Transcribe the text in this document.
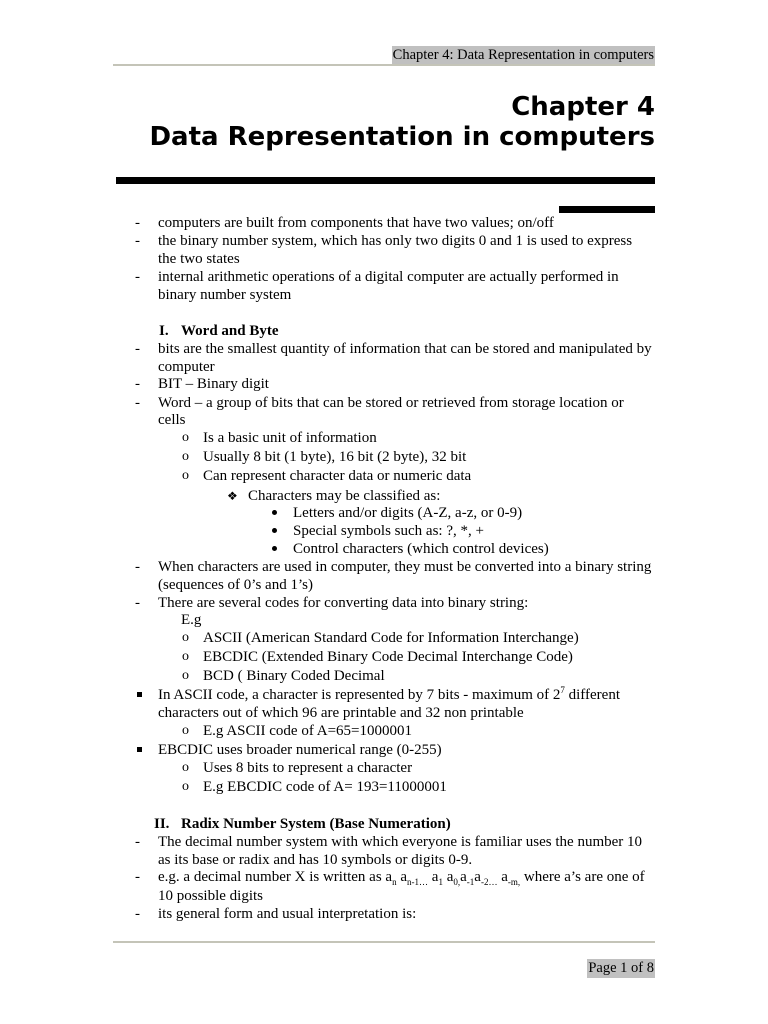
Chapter 4: Data Representation in computers
Chapter 4
Data Representation in computers
- computers are built from components that have two values; on/off
- the binary number system, which has only two digits 0 and 1 is used to express
the two states
- internal arithmetic operations of a digital computer are actually performed in
binary number system
I. Word and Byte
- bits are the smallest quantity of information that can be stored and manipulated by
computer
- BIT – Binary digit
- Word – a group of bits that can be stored or retrieved from storage location or
cells
o Is a basic unit of information
o Usually 8 bit (1 byte), 16 bit (2 byte), 32 bit
o Can represent character data or numeric data
❖ Characters may be classified as:
Letters and/or digits (A-Z, a-z, or 0-9)
Special symbols such as: ?, *, +
Control characters (which control devices)
- When characters are used in computer, they must be converted into a binary string
(sequences of 0’s and 1’s)
- There are several codes for converting data into binary string:
E.g
o ASCII (American Standard Code for Information Interchange)
o EBCDIC (Extended Binary Code Decimal Interchange Code)
o BCD ( Binary Coded Decimal
In ASCII code, a character is represented by 7 bits - maximum of $2^7$ different
characters out of which 96 are printable and 32 non printable
o E.g ASCII code of A=65=1000001
EBCDIC uses broader numerical range (0-255)
o Uses 8 bits to represent a character
o E.g EBCDIC code of A= 193=11000001
II. Radix Number System (Base Numeration)
- The decimal number system with which everyone is familiar uses the number 10
as its base or radix and has 10 symbols or digits 0-9.
- e.g. a decimal number X is written as $a_n$ $a_{n-1\dots}$ $a_1$ $a_{0,}a_{-1}a_{-2\dots}$ $a_{-m,}$ where a’s are one of
10 possible digits
- its general form and usual interpretation is:
Page 1 of 8
